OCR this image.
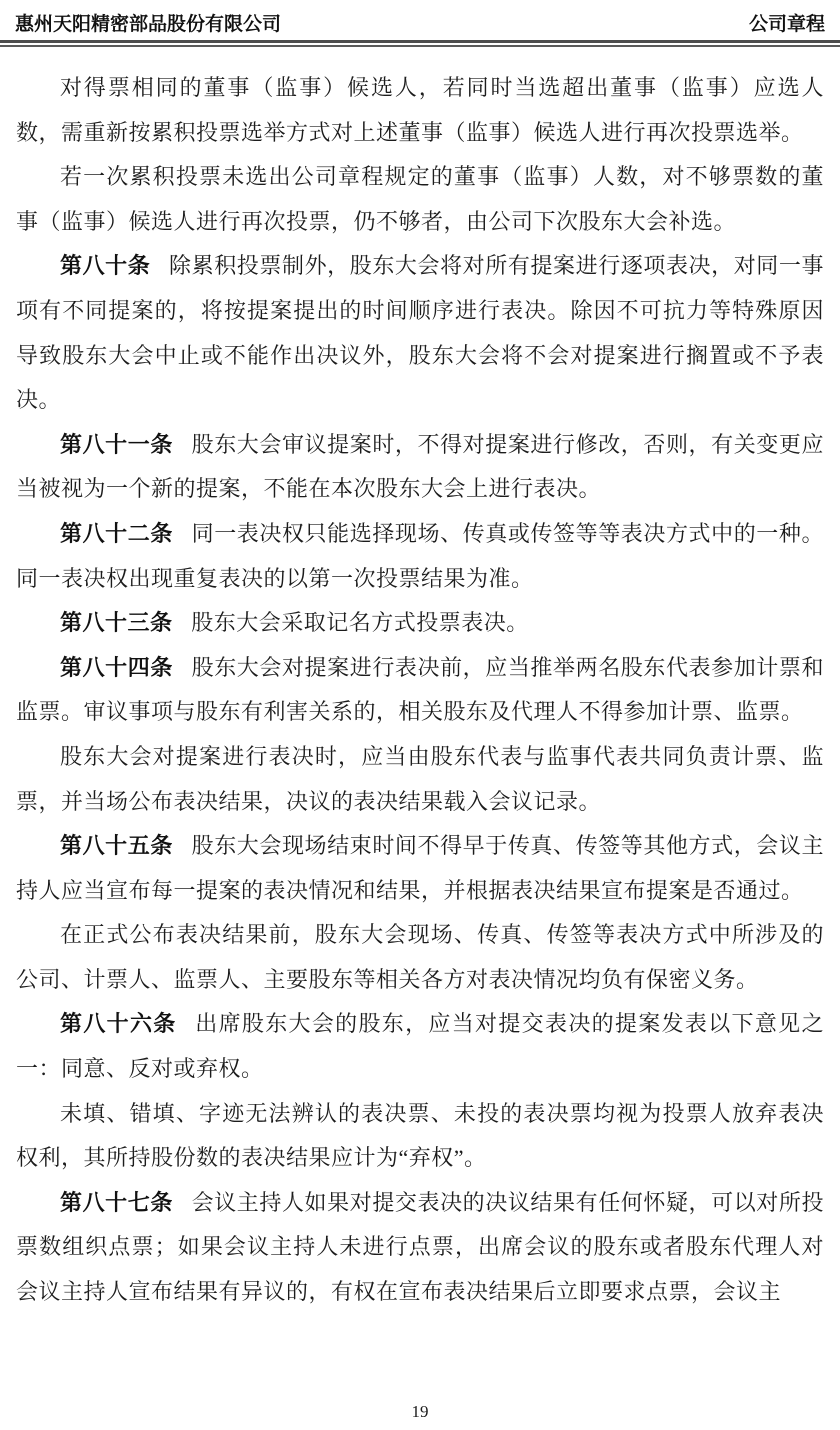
惠州天阳精密部品股份有限公司	公司章程

对得票相同的董事（监事）候选人，若同时当选超出董事（监事）应选人数，需重新按累积投票选举方式对上述董事（监事）候选人进行再次投票选举。

若一次累积投票未选出公司章程规定的董事（监事）人数，对不够票数的董事（监事）候选人进行再次投票，仍不够者，由公司下次股东大会补选。

第八十条 除累积投票制外，股东大会将对所有提案进行逐项表决，对同一事项有不同提案的，将按提案提出的时间顺序进行表决。除因不可抗力等特殊原因导致股东大会中止或不能作出决议外，股东大会将不会对提案进行搁置或不予表决。

第八十一条 股东大会审议提案时，不得对提案进行修改，否则，有关变更应当被视为一个新的提案，不能在本次股东大会上进行表决。

第八十二条 同一表决权只能选择现场、传真或传签等等表决方式中的一种。同一表决权出现重复表决的以第一次投票结果为准。

第八十三条 股东大会采取记名方式投票表决。

第八十四条 股东大会对提案进行表决前，应当推举两名股东代表参加计票和监票。审议事项与股东有利害关系的，相关股东及代理人不得参加计票、监票。

股东大会对提案进行表决时，应当由股东代表与监事代表共同负责计票、监票，并当场公布表决结果，决议的表决结果载入会议记录。

第八十五条 股东大会现场结束时间不得早于传真、传签等其他方式，会议主持人应当宣布每一提案的表决情况和结果，并根据表决结果宣布提案是否通过。

在正式公布表决结果前，股东大会现场、传真、传签等表决方式中所涉及的公司、计票人、监票人、主要股东等相关各方对表决情况均负有保密义务。

第八十六条 出席股东大会的股东，应当对提交表决的提案发表以下意见之一：同意、反对或弃权。

未填、错填、字迹无法辨认的表决票、未投的表决票均视为投票人放弃表决权利，其所持股份数的表决结果应计为“弃权”。

第八十七条 会议主持人如果对提交表决的决议结果有任何怀疑，可以对所投票数组织点票；如果会议主持人未进行点票，出席会议的股东或者股东代理人对会议主持人宣布结果有异议的，有权在宣布表决结果后立即要求点票，会议主

19
